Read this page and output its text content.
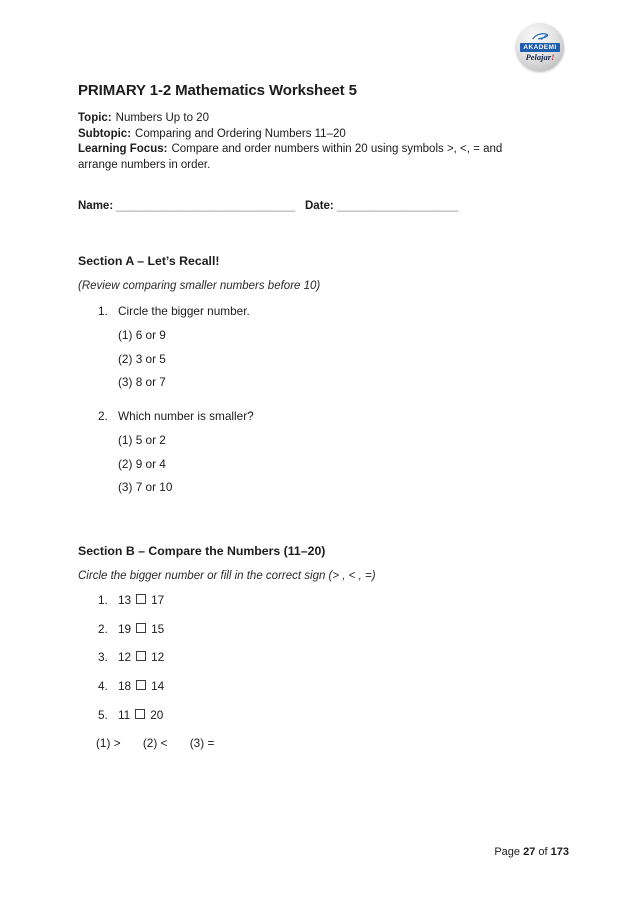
AKADEMI
Pelajar!
PRIMARY 1-2 Mathematics Worksheet 5
Topic: Numbers Up to 20
Subtopic: Comparing and Ordering Numbers 11–20
Learning Focus: Compare and order numbers within 20 using symbols >, <, = and arrange numbers in order.
Name: ____________________________ Date: ___________________
Section A – Let’s Recall!
(Review comparing smaller numbers before 10)
1. Circle the bigger number.
(1) 6 or 9
(2) 3 or 5
(3) 8 or 7
2. Which number is smaller?
(1) 5 or 2
(2) 9 or 4
(3) 7 or 10
Section B – Compare the Numbers (11–20)
Circle the bigger number or fill in the correct sign (> , < , =)
1. 13 17
2. 19 15
3. 12 12
4. 18 14
5. 11 20
(1) > (2) < (3) =
Page 27 of 173
